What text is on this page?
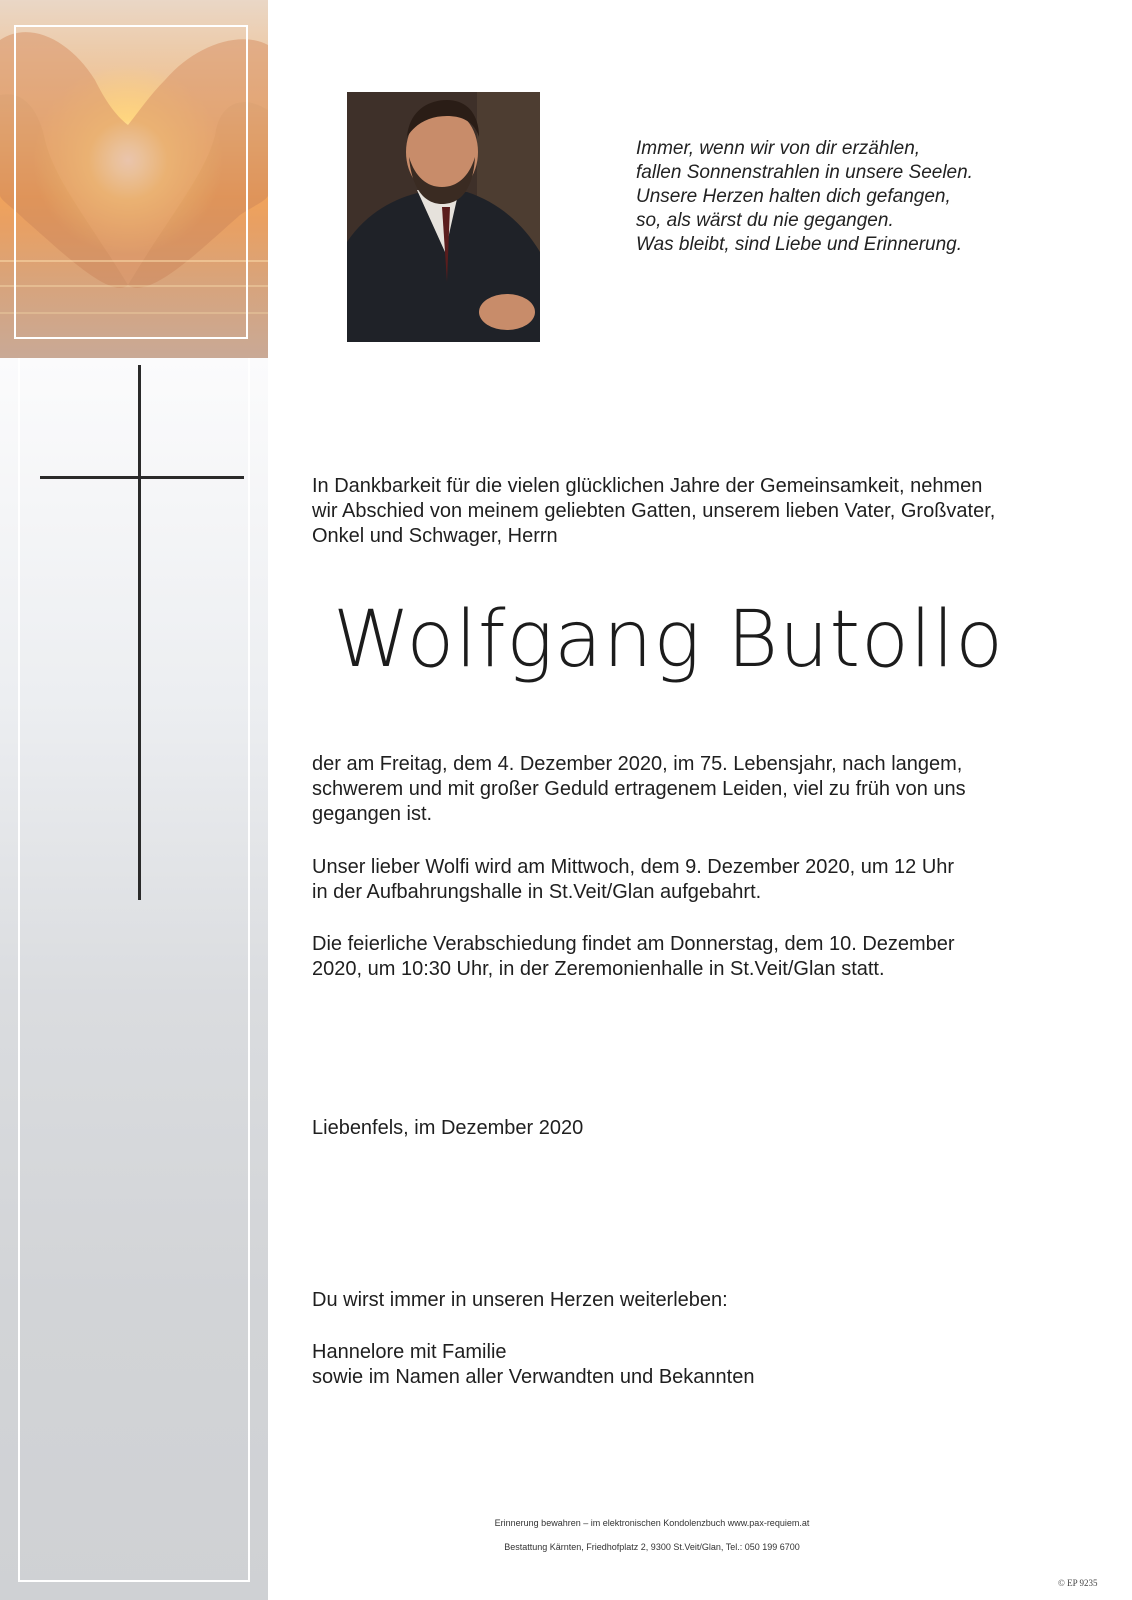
Immer, wenn wir von dir erzählen,
fallen Sonnenstrahlen in unsere Seelen.
Unsere Herzen halten dich gefangen,
so, als wärst du nie gegangen.
Was bleibt, sind Liebe und Erinnerung.
In Dankbarkeit für die vielen glücklichen Jahre der Gemeinsamkeit, nehmen
wir Abschied von meinem geliebten Gatten, unserem lieben Vater, Großvater,
Onkel und Schwager, Herrn
Wolfgang Butollo
der am Freitag, dem 4. Dezember 2020, im 75. Lebensjahr, nach langem,
schwerem und mit großer Geduld ertragenem Leiden, viel zu früh von uns
gegangen ist.
Unser lieber Wolfi wird am Mittwoch, dem 9. Dezember 2020, um 12 Uhr
in der Aufbahrungshalle in St.Veit/Glan aufgebahrt.
Die feierliche Verabschiedung findet am Donnerstag, dem 10. Dezember
2020, um 10:30 Uhr, in der Zeremonienhalle in St.Veit/Glan statt.
Liebenfels, im Dezember 2020
Du wirst immer in unseren Herzen weiterleben:
Hannelore mit Familie
sowie im Namen aller Verwandten und Bekannten
Erinnerung bewahren – im elektronischen Kondolenzbuch www.pax-requiem.at
Bestattung Kärnten, Friedhofplatz 2, 9300 St.Veit/Glan, Tel.: 050 199 6700
© EP 9235
